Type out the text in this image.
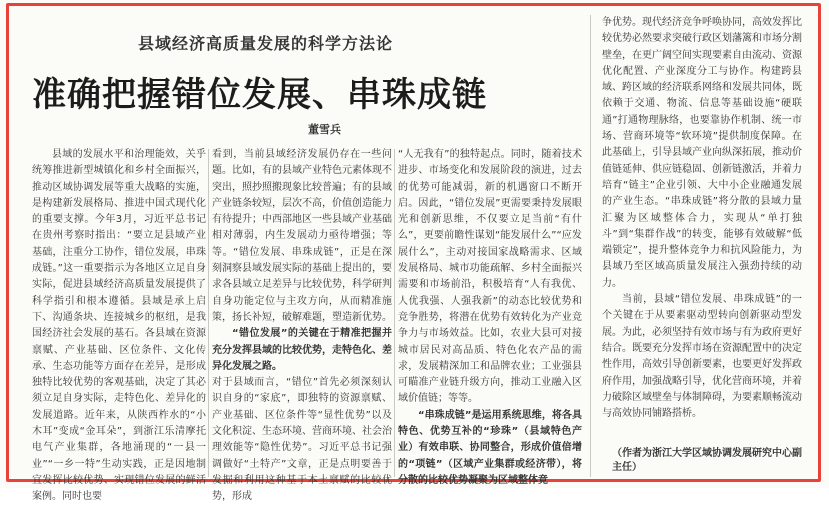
县域经济高质量发展的科学方法论
准确把握错位发展、串珠成链
董雪兵

县域的发展水平和治理能效，关乎统筹推进新型城镇化和乡村全面振兴，推动区域协调发展等重大战略的实施，是构建新发展格局、推进中国式现代化的重要支撑。今年3月，习近平总书记在贵州考察时指出：“要立足县域产业基础，注重分工协作，错位发展，串珠成链。”这一重要指示为各地区立足自身实际，促进县域经济高质量发展提供了科学指引和根本遵循。县域是承上启下、沟通条块、连接城乡的枢纽，是我国经济社会发展的基石。各县域在资源禀赋、产业基础、区位条件、文化传承、生态功能等方面存在差异，是形成独特比较优势的客观基础，决定了其必须立足自身实际，走特色化、差异化的发展道路。近年来，从陕西柞水的“小木耳”变成“金耳朵”，到浙江乐清摩托电气产业集群，各地涌现的“一县一业”“一乡一特”生动实践，正是因地制宜发挥比较优势、实现错位发展的鲜活案例。同时也要

看到，当前县域经济发展仍存在一些问题。比如，有的县域产业特色元素体现不突出，照抄照搬现象比较普遍；有的县域产业链条较短，层次不高，价值创造能力有待提升；中西部地区一些县域产业基础相对薄弱，内生发展动力亟待增强；等等。“错位发展、串珠成链”，正是在深刻洞察县域发展实际的基础上提出的，要求各县域立足差异与比较优势，科学研判自身功能定位与主攻方向，从而精准施策，扬长补短，破解难题，塑造新优势。
“错位发展”的关键在于精准把握并充分发挥县域的比较优势，走特色化、差异化发展之路。
对于县域而言，“错位”首先必须深刻认识自身的“家底”，即独特的资源禀赋、产业基础、区位条件等“显性优势”以及文化积淀、生态环境、营商环境、社会治理效能等“隐性优势”。习近平总书记强调做好“土特产”文章，正是点明要善于发掘和利用这种基于本土禀赋的比较优势，形成
“人无我有”的独特起点。同时，随着技术进步、市场变化和发展阶段的演进，过去的优势可能减弱，新的机遇窗口不断开启。因此，“错位发展”更需要秉持发展眼光和创新思维，不仅要立足当前“有什么”，更要前瞻性谋划“能发展什么”“应发展什么”，主动对接国家战略需求、区域发展格局、城市功能疏解、乡村全面振兴需要和市场前沿，积极培育“人有我优、人优我强、人强我新”的动态比较优势和竞争胜势，将潜在优势有效转化为产业竞争力与市场效益。比如，农业大县可对接城市居民对高品质、特色化农产品的需求，发展精深加工和品牌农业；工业强县可瞄准产业链升级方向，推动工业融入区域价值链；等等。
“串珠成链”是运用系统思维，将各具特色、优势互补的“珍珠”（县域特色产业）有效串联、协同整合，形成价值倍增的“项链”（区域产业集群或经济带），将分散的比较优势凝聚为区域整体竞
争优势。现代经济竞争呼唤协同，高效发挥比较优势必然要求突破行政区划藩篱和市场分割壁垒，在更广阔空间实现要素自由流动、资源优化配置、产业深度分工与协作。构建跨县域、跨区域的经济联系网络和发展共同体，既依赖于交通、物流、信息等基础设施“硬联通”打通物理脉络，也要靠协作机制、统一市场、营商环境等“软环境”提供制度保障。在此基础上，引导县域产业向纵深拓展，推动价值链延伸、供应链稳固、创新链激活，并着力培育“链主”企业引领、大中小企业融通发展的产业生态。“串珠成链”将分散的县域力量汇聚为区域整体合力，实现从“单打独斗”到“集群作战”的转变，能够有效破解“低端锁定”，提升整体竞争力和抗风险能力，为县域乃至区域高质量发展注入强劲持续的动力。
当前，县域“错位发展、串珠成链”的一个关键在于从要素驱动型转向创新驱动型发展。为此，必须坚持有效市场与有为政府更好结合。既要充分发挥市场在资源配置中的决定性作用，高效引导创新要素，也要更好发挥政府作用，加强战略引导，优化营商环境，并着力破除区域壁垒与体制障碍，为要素顺畅流动与高效协同铺路搭桥。
（作者为浙江大学区域协调发展研究中心副主任）
